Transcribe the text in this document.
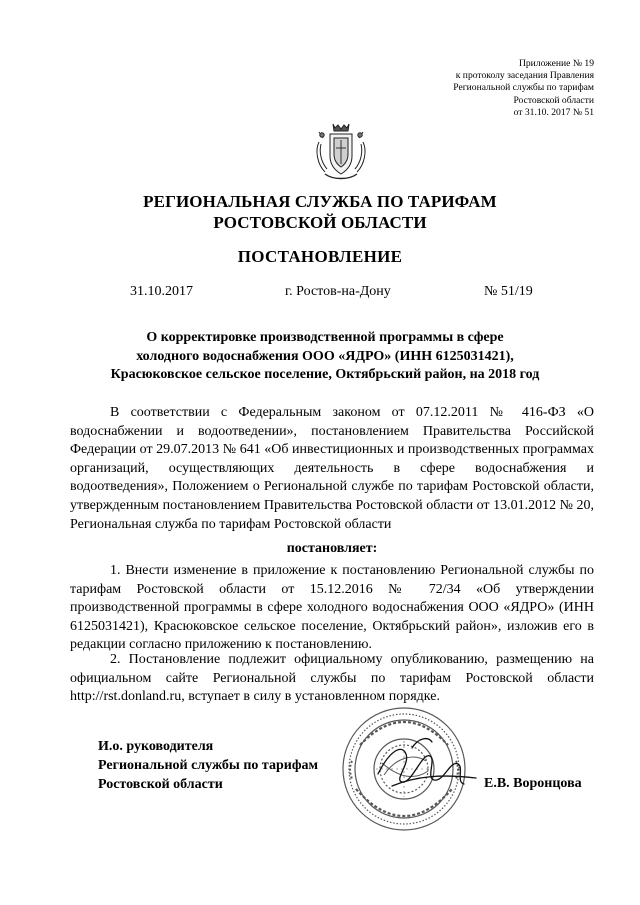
Приложение № 19
к протоколу заседания Правления
Региональной службы по тарифам
Ростовской области
от 31.10. 2017 № 51
РЕГИОНАЛЬНАЯ СЛУЖБА ПО ТАРИФАМ
РОСТОВСКОЙ ОБЛАСТИ
ПОСТАНОВЛЕНИЕ
31.10.2017	г. Ростов-на-Дону	№ 51/19
О корректировке производственной программы в сфере
холодного водоснабжения ООО «ЯДРО» (ИНН 6125031421),
Красюковское сельское поселение, Октябрьский район, на 2018 год
В соответствии с Федеральным законом от 07.12.2011 № 416-ФЗ «О водоснабжении и водоотведении», постановлением Правительства Российской Федерации от 29.07.2013 № 641 «Об инвестиционных и производственных программах организаций, осуществляющих деятельность в сфере водоснабжения и водоотведения», Положением о Региональной службе по тарифам Ростовской области, утвержденным постановлением Правительства Ростовской области от 13.01.2012 № 20, Региональная служба по тарифам Ростовской области
постановляет:
1. Внести изменение в приложение к постановлению Региональной службы по тарифам Ростовской области от 15.12.2016 № 72/34 «Об утверждении производственной программы в сфере холодного водоснабжения ООО «ЯДРО» (ИНН 6125031421), Красюковское сельское поселение, Октябрьский район», изложив его в редакции согласно приложению к постановлению.
2. Постановление подлежит официальному опубликованию, размещению на официальном сайте Региональной службы по тарифам Ростовской области http://rst.donland.ru, вступает в силу в установленном порядке.
И.о. руководителя
Региональной службы по тарифам
Ростовской области	Е.В. Воронцова
